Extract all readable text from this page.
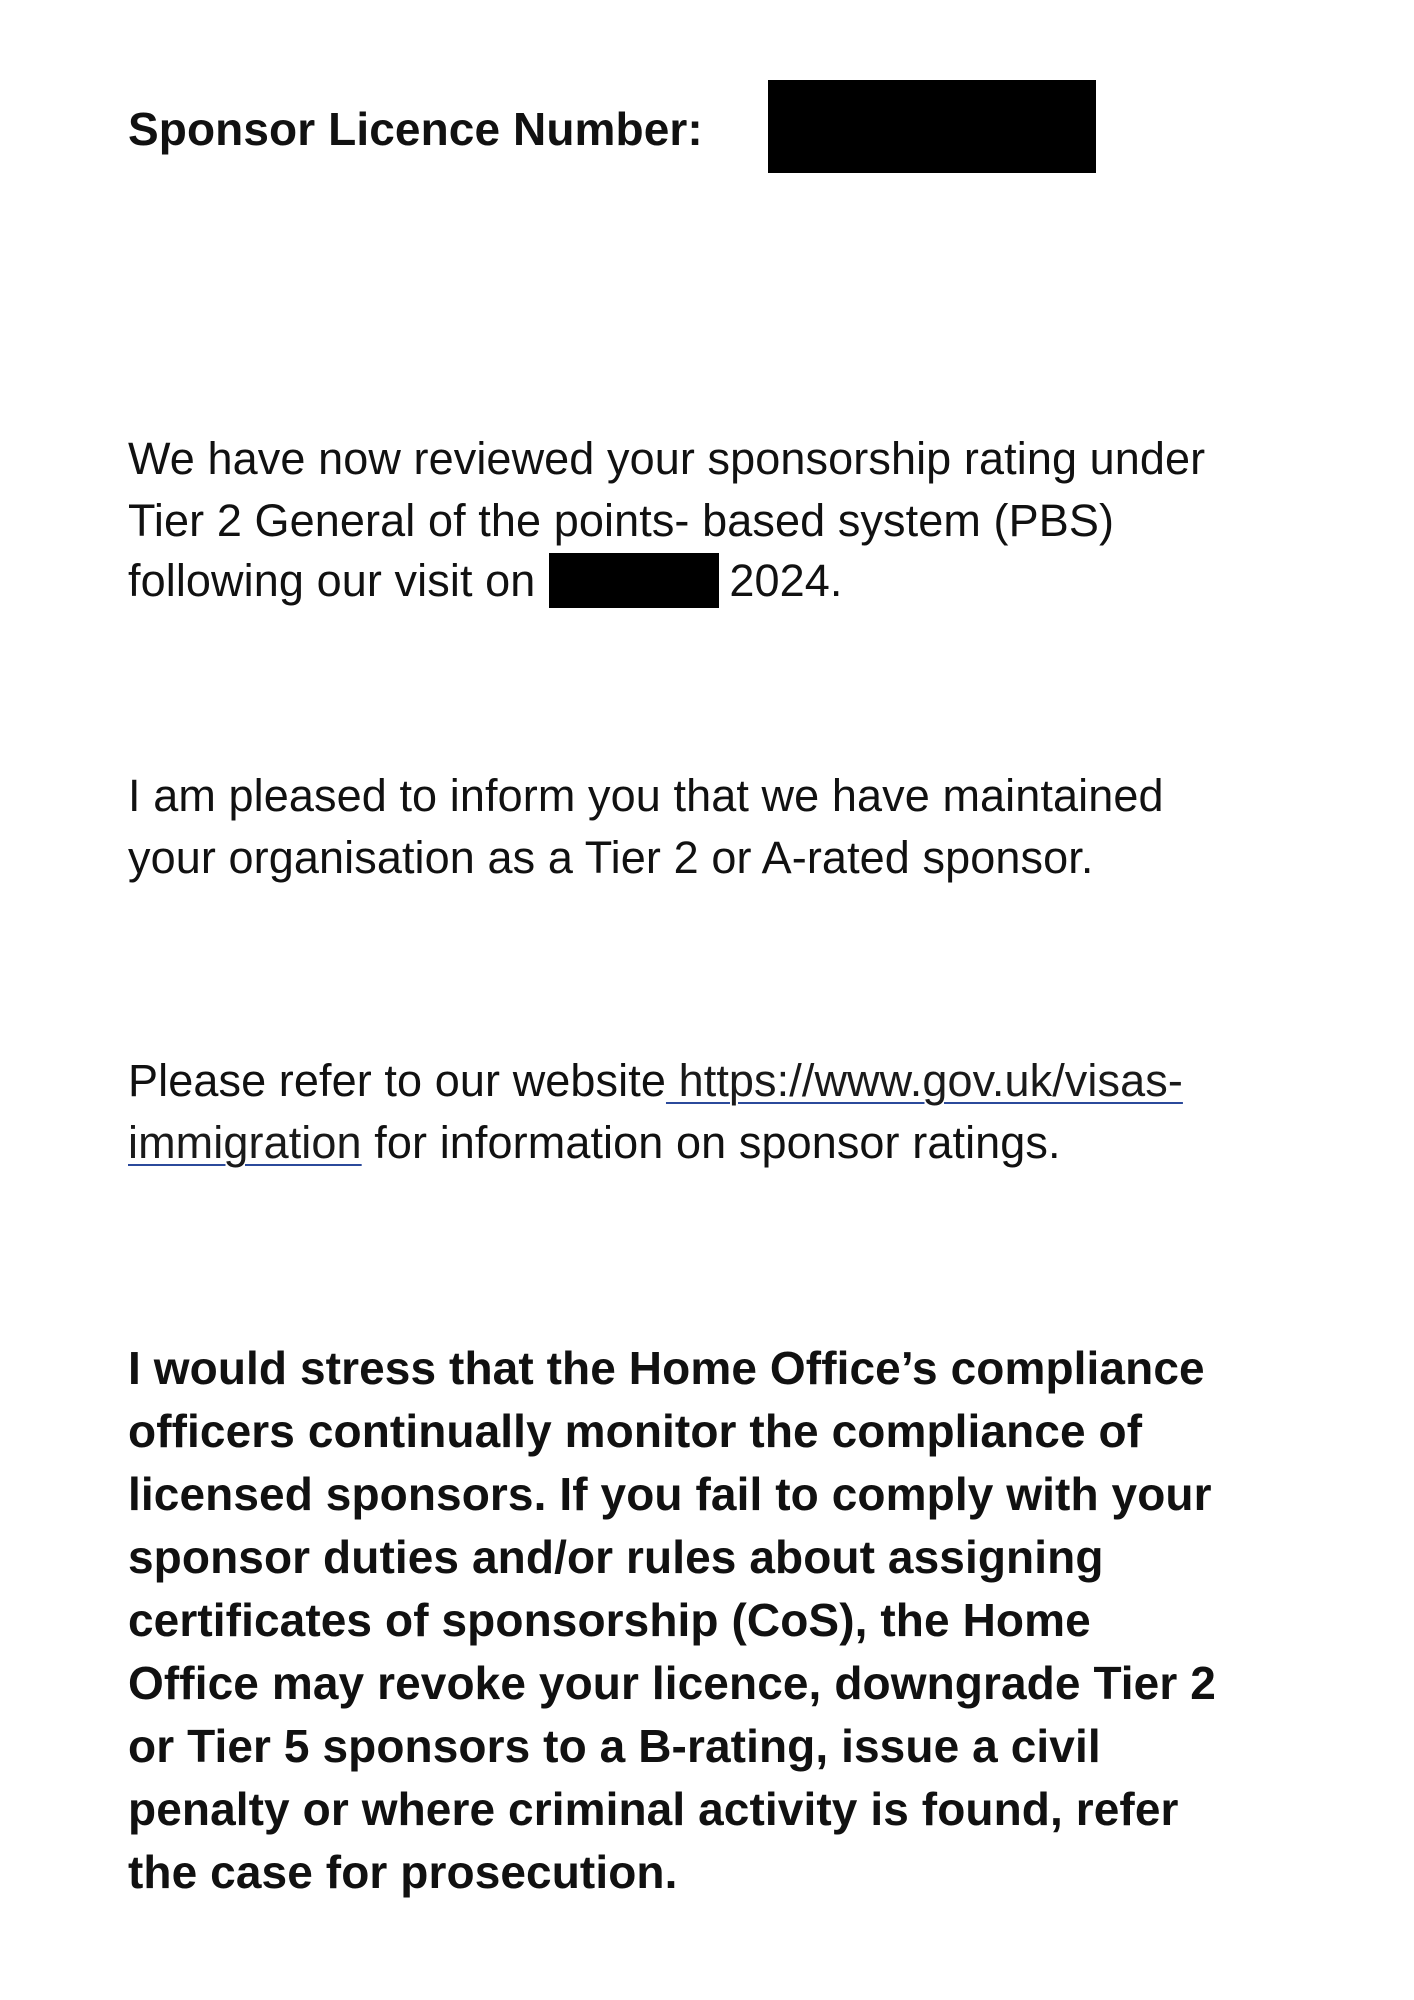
Sponsor Licence Number:
We have now reviewed your sponsorship rating under
Tier 2 General of the points- based system (PBS)
following our visit on	2024.
I am pleased to inform you that we have maintained
your organisation as a Tier 2 or A-rated sponsor.
Please refer to our website https://www.gov.uk/visas-
immigration for information on sponsor ratings.
I would stress that the Home Office’s compliance
officers continually monitor the compliance of
licensed sponsors. If you fail to comply with your
sponsor duties and/or rules about assigning
certificates of sponsorship (CoS), the Home
Office may revoke your licence, downgrade Tier 2
or Tier 5 sponsors to a B-rating, issue a civil
penalty or where criminal activity is found, refer
the case for prosecution.
